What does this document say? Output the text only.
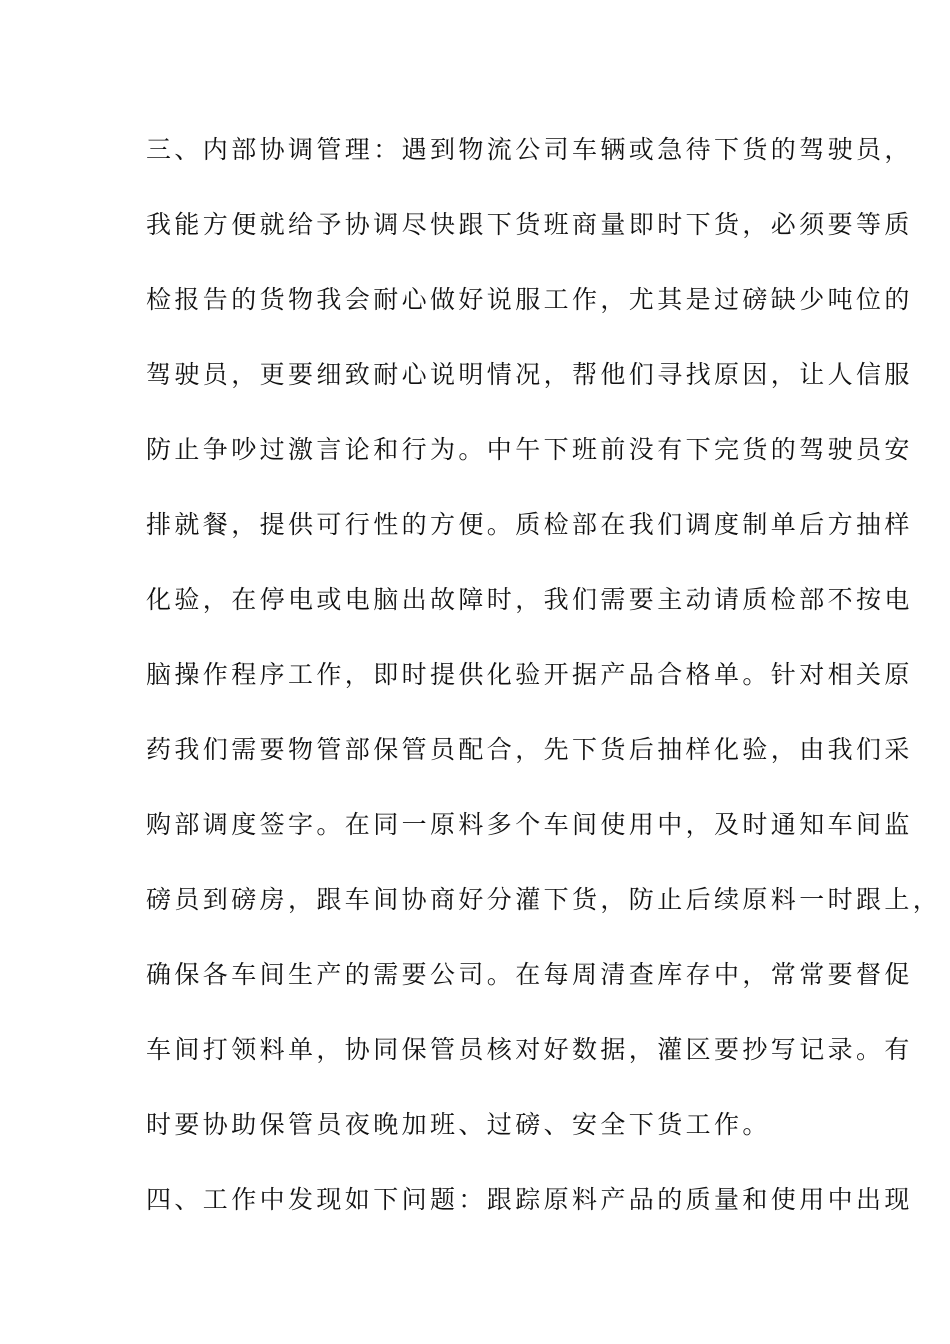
三、内部协调管理：遇到物流公司车辆或急待下货的驾驶员，
我能方便就给予协调尽快跟下货班商量即时下货，必须要等质
检报告的货物我会耐心做好说服工作，尤其是过磅缺少吨位的
驾驶员，更要细致耐心说明情况，帮他们寻找原因，让人信服
防止争吵过激言论和行为。中午下班前没有下完货的驾驶员安
排就餐，提供可行性的方便。质检部在我们调度制单后方抽样
化验，在停电或电脑出故障时，我们需要主动请质检部不按电
脑操作程序工作，即时提供化验开据产品合格单。针对相关原
药我们需要物管部保管员配合，先下货后抽样化验，由我们采
购部调度签字。在同一原料多个车间使用中，及时通知车间监
磅员到磅房，跟车间协商好分灌下货，防止后续原料一时跟上，
确保各车间生产的需要公司。在每周清查库存中，常常要督促
车间打领料单，协同保管员核对好数据，灌区要抄写记录。有
时要协助保管员夜晚加班、过磅、安全下货工作。
四、工作中发现如下问题：跟踪原料产品的质量和使用中出现
